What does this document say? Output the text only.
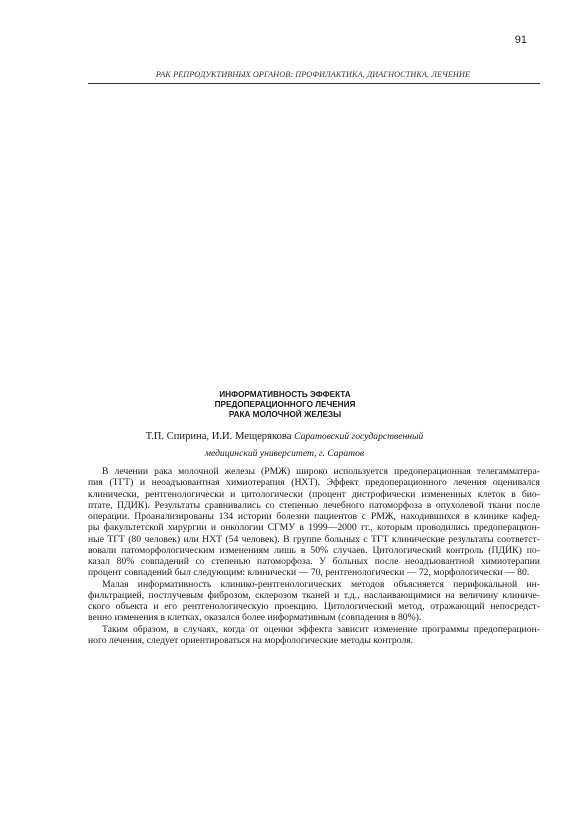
91
РАК РЕПРОДУКТИВНЫХ ОРГАНОВ: ПРОФИЛАКТИКА, ДИАГНОСТИКА, ЛЕЧЕНИЕ
ИНФОРМАТИВНОСТЬ ЭФФЕКТА
ПРЕДОПЕРАЦИОННОГО ЛЕЧЕНИЯ
РАКА МОЛОЧНОЙ ЖЕЛЕЗЫ
Т.П. Спирина, И.И. Мещерякова Саратовский государственный
медицинский университет, г. Саратов
В лечении рака молочной железы (РМЖ) широко используется предоперационная телегамматера-
пия (ТГТ) и неоадъювантная химиотерапия (НХТ). Эффект предоперационного лечения оценивался
клинически, рентгенологически и цитологически (процент дистрофически измененных клеток в био-
птате, ПДИК). Результаты сравнивались со степенью лечебного патоморфоза в опухолевой ткани после
операции. Проанализированы 134 истории болезни пациентов с РМЖ, находившихся в клинике кафед-
ры факультетской хирургии и онкологии СГМУ в 1999—2000 гг., которым проводились предоперацион-
ные ТГТ (80 человек) или НХТ (54 человек). В группе больных с ТГТ клинические результаты соответст-
вовали патоморфологическим изменениям лишь в 50% случаев. Цитологический контроль (ПДИК) по-
казал 80% совпадений со степенью патоморфоза. У больных после неоадъювантной химиотерапии
процент совпадений был следующим: клинически — 70, рентгенологически — 72, морфологически — 80.
Малая информативность клинико-рентгенологических методов объясняется перифокальной ин-
фильтрацией, постлучевым фиброзом, склерозом тканей и т.д., наслаивающимися на величину клиниче-
ского объекта и его рентгенологическую проекцию. Цитологический метод, отражающий непосредст-
венно изменения в клетках, оказался более информативным (совпадения в 80%).
Таким образом, в случаях, когда от оценки эффекта зависит изменение программы предоперацион-
ного лечения, следует ориентироваться на морфологические методы контроля.
